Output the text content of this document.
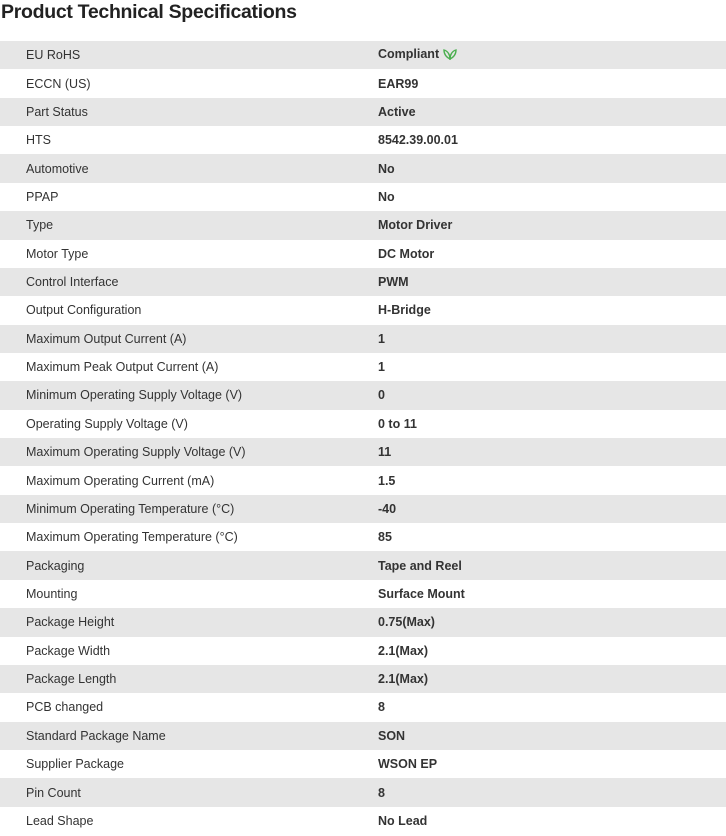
Product Technical Specifications
EU RoHS	Compliant
ECCN (US)	EAR99
Part Status	Active
HTS	8542.39.00.01
Automotive	No
PPAP	No
Type	Motor Driver
Motor Type	DC Motor
Control Interface	PWM
Output Configuration	H-Bridge
Maximum Output Current (A)	1
Maximum Peak Output Current (A)	1
Minimum Operating Supply Voltage (V)	0
Operating Supply Voltage (V)	0 to 11
Maximum Operating Supply Voltage (V)	11
Maximum Operating Current (mA)	1.5
Minimum Operating Temperature (°C)	-40
Maximum Operating Temperature (°C)	85
Packaging	Tape and Reel
Mounting	Surface Mount
Package Height	0.75(Max)
Package Width	2.1(Max)
Package Length	2.1(Max)
PCB changed	8
Standard Package Name	SON
Supplier Package	WSON EP
Pin Count	8
Lead Shape	No Lead
